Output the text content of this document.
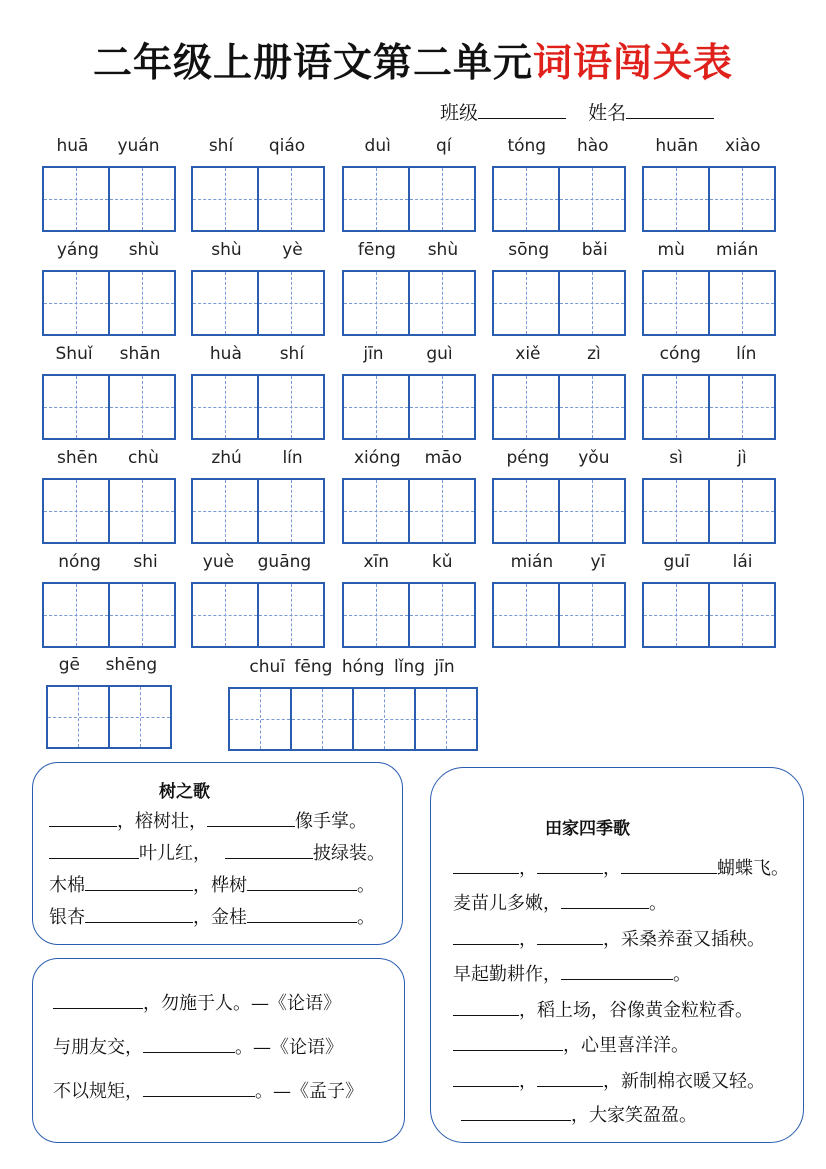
二年级上册语文第二单元词语闯关表
班级	姓名
huā yuán	shí qiáo	duì	qí	tóng hào	huān xiào
yáng shù	shù yè	fēng shù	sōng bǎi	mù mián
Shuǐ shān	huà shí	jīn	guì	xiě	zì	cóng lín
shēn chù	zhú lín	xióng māo	péng yǒu	sì	jì
nóng shi	yuè guāng	xīn	kǔ	mián yī	guī	lái
gē shēng	chuī fēng hóng lǐng jīn
树之歌
，榕树壮，	像手掌。
叶儿红，	披绿装。
木棉	，桦树	。
银杏	，金桂	。
，勿施于人。—《论语》
与朋友交，	。—《论语》
不以规矩，	。—《孟子》
田家四季歌
，	，	蝴蝶飞。
麦苗儿多嫩，	。
，	，采桑养蚕又插秧。
早起勤耕作，	。
，稻上场，谷像黄金粒粒香。
，心里喜洋洋。
，	，新制棉衣暖又轻。
，大家笑盈盈。
